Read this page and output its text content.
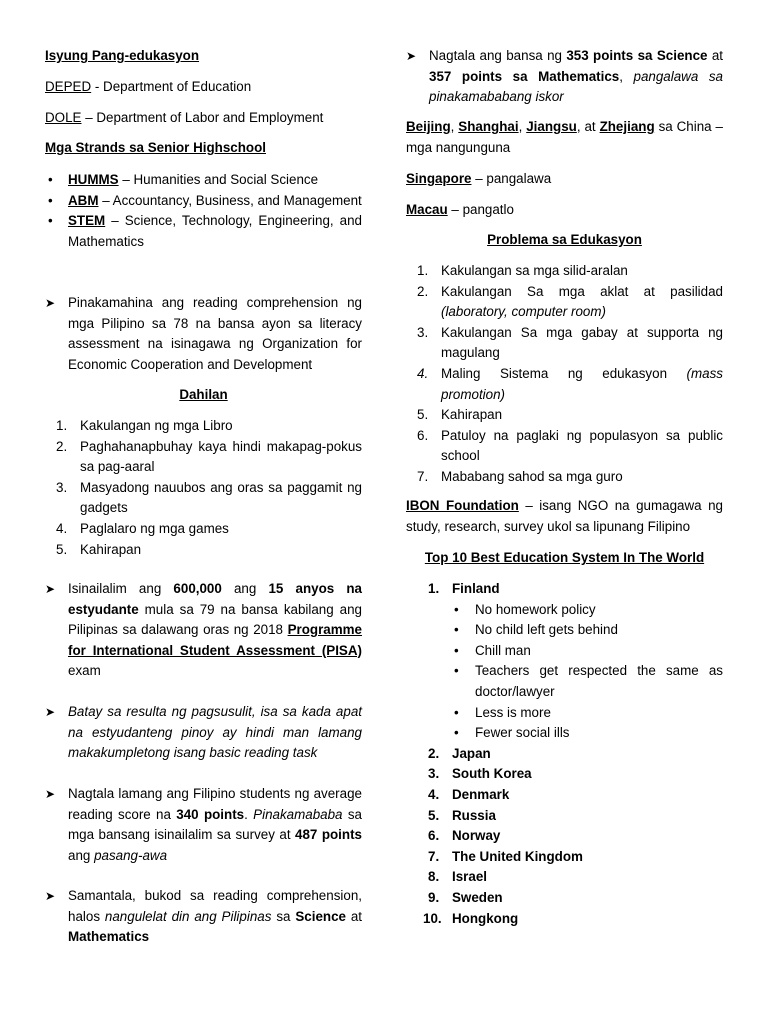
Isyung Pang-edukasyon

DEPED - Department of Education

DOLE – Department of Labor and Employment

Mga Strands sa Senior Highschool

• HUMMS – Humanities and Social Science
• ABM – Accountancy, Business, and Management
• STEM – Science, Technology, Engineering, and Mathematics
➤ Pinakamahina ang reading comprehension ng mga Pilipino sa 78 na bansa ayon sa literacy assessment na isinagawa ng Organization for Economic Cooperation and Development

Dahilan

1. Kakulangan ng mga Libro
2. Paghahanapbuhay kaya hindi makapag-pokus sa pag-aaral
3. Masyadong nauubos ang oras sa paggamit ng gadgets
4. Paglalaro ng mga games
5. Kahirapan
➤ Isinailalim ang 600,000 ang 15 anyos na estyudante mula sa 79 na bansa kabilang ang Pilipinas sa dalawang oras ng 2018 Programme for International Student Assessment (PISA) exam
➤ Batay sa resulta ng pagsusulit, isa sa kada apat na estyudanteng pinoy ay hindi man lamang makakumpletong isang basic reading task
➤ Nagtala lamang ang Filipino students ng average reading score na 340 points. Pinakamababa sa mga bansang isinailalim sa survey at 487 points ang pasang-awa
➤ Samantala, bukod sa reading comprehension, halos nangulelat din ang Pilipinas sa Science at Mathematics
➤ Nagtala ang bansa ng 353 points sa Science at 357 points sa Mathematics, pangalawa sa pinakamababang iskor

Beijing, Shanghai, Jiangsu, at Zhejiang sa China – mga nangunguna

Singapore – pangalawa

Macau – pangatlo

Problema sa Edukasyon

1. Kakulangan sa mga silid-aralan
2. Kakulangan Sa mga aklat at pasilidad (laboratory, computer room)
3. Kakulangan Sa mga gabay at supporta ng magulang
4. Maling Sistema ng edukasyon (mass promotion)
5. Kahirapan
6. Patuloy na paglaki ng populasyon sa public school
7. Mababang sahod sa mga guro

IBON Foundation – isang NGO na gumagawa ng study, research, survey ukol sa lipunang Filipino

Top 10 Best Education System In The World

1. Finland
• No homework policy
• No child left gets behind
• Chill man
• Teachers get respected the same as doctor/lawyer
• Less is more
• Fewer social ills
2. Japan
3. South Korea
4. Denmark
5. Russia
6. Norway
7. The United Kingdom
8. Israel
9. Sweden
10. Hongkong
